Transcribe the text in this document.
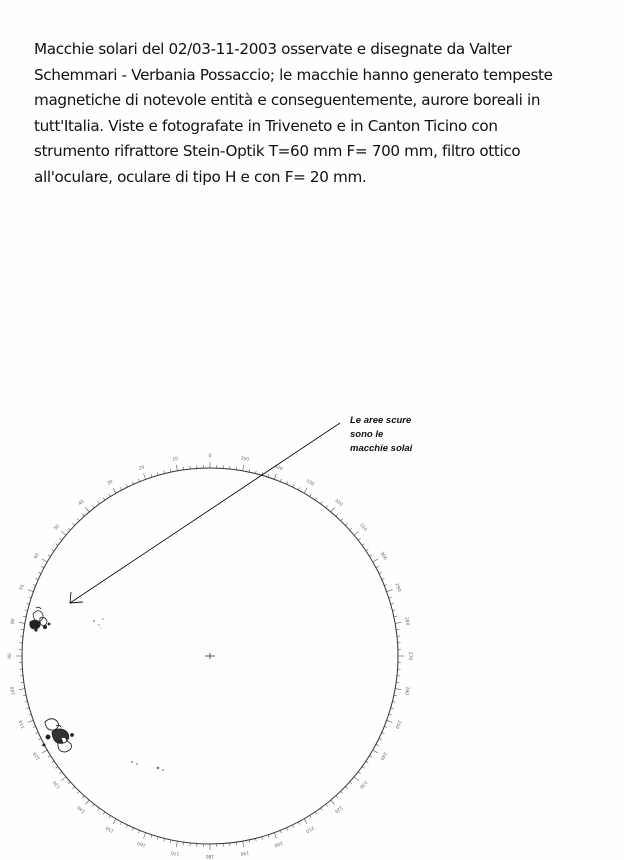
Macchie solari del 02/03-11-2003 osservate e disegnate da Valter
Schemmari - Verbania Possaccio; le macchie hanno generato tempeste
magnetiche di notevole entità e conseguentemente, aurore boreali in
tutt'Italia. Viste e fotografate in Triveneto e in Canton Ticino con
strumento rifrattore Stein-Optik T=60 mm F= 700 mm, filtro ottico
all'oculare, oculare di tipo H e con F= 20 mm.
Le aree scure
sono le
macchie solai
0	350
340
330
320
310
300
290
280
270
260
250
240
230
220
210
200
190
180
170
160
150
140
130
120
110
100
90
80
70
60
50
40
30
20
10
